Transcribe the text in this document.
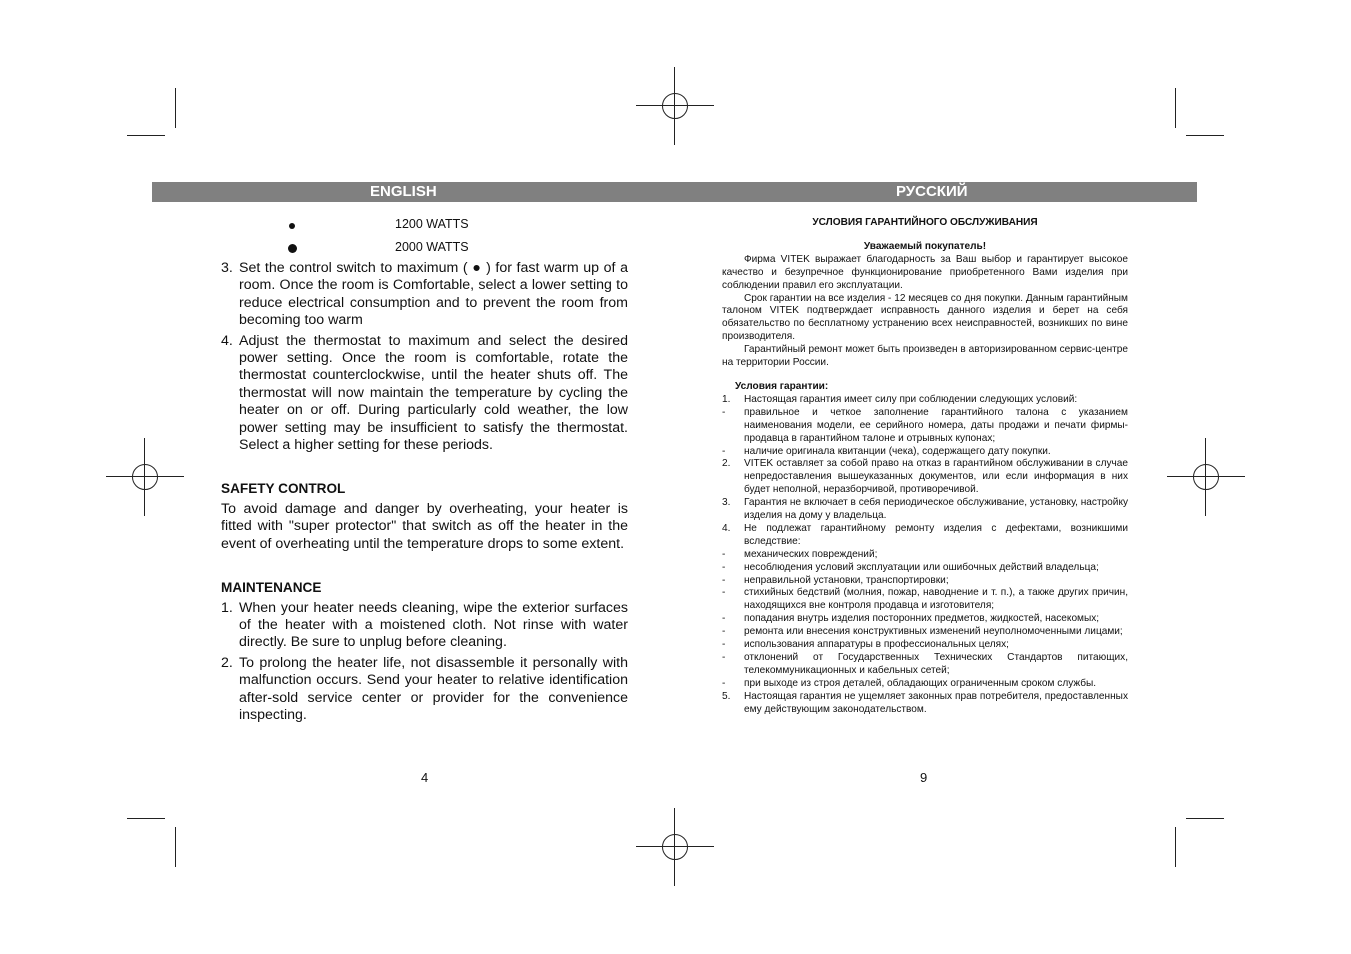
ENGLISH	РУССКИЙ
1200 WATTS
2000 WATTS
3. Set the control switch to maximum ( ● ) for fast warm up of a room. Once the room is Comfortable, select a lower setting to reduce electrical consumption and to prevent the room from becoming too warm
4. Adjust the thermostat to maximum and select the desired power setting. Once the room is comfortable, rotate the thermostat counterclockwise, until the heater shuts off. The thermostat will now maintain the temperature by cycling the heater on or off. During particularly cold weather, the low power setting may be insufficient to satisfy the thermostat. Select a higher setting for these periods.
SAFETY CONTROL
To avoid damage and danger by overheating, your heater is fitted with "super protector" that switch as off the heater in the event of overheating until the temperature drops to some extent.
MAINTENANCE
1. When your heater needs cleaning, wipe the exterior surfaces of the heater with a moistened cloth. Not rinse with water directly. Be sure to unplug before cleaning.
2. To prolong the heater life, not disassemble it personally with malfunction occurs. Send your heater to relative identification after-sold service center or provider for the convenience inspecting.
4
УСЛОВИЯ ГАРАНТИЙНОГО ОБСЛУЖИВАНИЯ
Уважаемый покупатель!
Фирма VITEK выражает благодарность за Ваш выбор и гарантирует высокое качество и безупречное функционирование приобретенного Вами изделия при соблюдении правил его эксплуатации.
Срок гарантии на все изделия - 12 месяцев со дня покупки. Данным гарантийным талоном VITEK подтверждает исправность данного изделия и берет на себя обязательство по бесплатному устранению всех неисправностей, возникших по вине производителя.
Гарантийный ремонт может быть произведен в авторизированном сервис-центре на территории России.
Условия гарантии:
1.	Настоящая гарантия имеет силу при соблюдении следующих условий:
-	правильное и четкое заполнение гарантийного талона с указанием наименования модели, ее серийного номера, даты продажи и печати фирмы-продавца в гарантийном талоне и отрывных купонах;
-	наличие оригинала квитанции (чека), содержащего дату покупки.
2.	VITEK оставляет за собой право на отказ в гарантийном обслуживании в случае непредоставления вышеуказанных документов, или если информация в них будет неполной, неразборчивой, противоречивой.
3.	Гарантия не включает в себя периодическое обслуживание, установку, настройку изделия на дому у владельца.
4.	Не подлежат гарантийному ремонту изделия с дефектами, возникшими вследствие:
-	механических повреждений;
-	несоблюдения условий эксплуатации или ошибочных действий владельца;
-	неправильной установки, транспортировки;
-	стихийных бедствий (молния, пожар, наводнение и т. п.), а также других причин, находящихся вне контроля продавца и изготовителя;
-	попадания внутрь изделия посторонних предметов, жидкостей, насекомых;
-	ремонта или внесения конструктивных изменений неуполномоченными лицами;
-	использования аппаратуры в профессиональных целях;
-	отклонений от Государственных Технических Стандартов питающих, телекоммуникационных и кабельных сетей;
-	при выходе из строя деталей, обладающих ограниченным сроком службы.
5.	Настоящая гарантия не ущемляет законных прав потребителя, предоставленных ему действующим законодательством.
9
